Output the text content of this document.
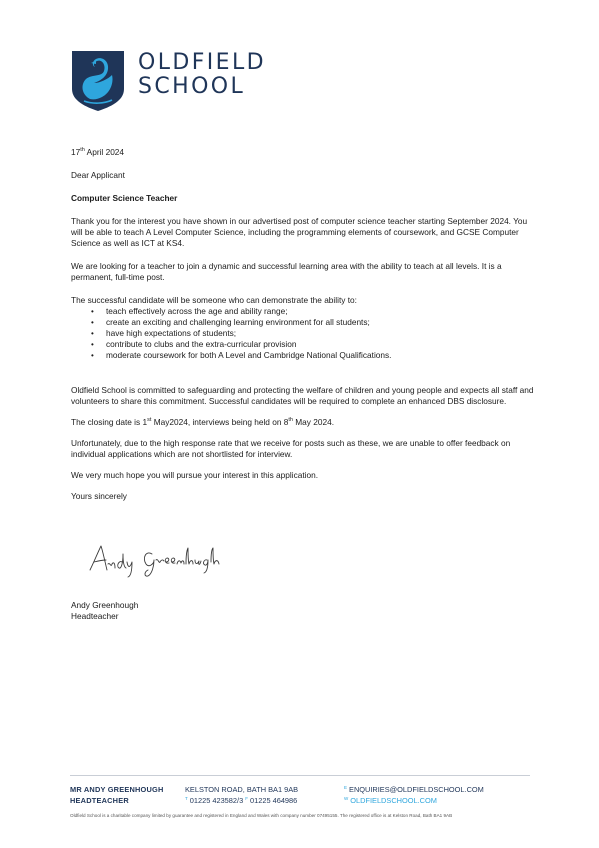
OLDFIELD
SCHOOL

17th April 2024

Dear Applicant

Computer Science Teacher

Thank you for the interest you have shown in our advertised post of computer science teacher starting September 2024. You will be able to teach A Level Computer Science, including the programming elements of coursework, and GCSE Computer Science as well as ICT at KS4.

We are looking for a teacher to join a dynamic and successful learning area with the ability to teach at all levels. It is a permanent, full-time post.

The successful candidate will be someone who can demonstrate the ability to:

• teach effectively across the age and ability range;
• create an exciting and challenging learning environment for all students;
• have high expectations of students;
• contribute to clubs and the extra-curricular provision
• moderate coursework for both A Level and Cambridge National Qualifications.

Oldfield School is committed to safeguarding and protecting the welfare of children and young people and expects all staff and volunteers to share this commitment. Successful candidates will be required to complete an enhanced DBS disclosure.

The closing date is 1st May2024, interviews being held on 8th May 2024.

Unfortunately, due to the high response rate that we receive for posts such as these, we are unable to offer feedback on individual applications which are not shortlisted for interview.

We very much hope you will pursue your interest in this application.

Yours sincerely

Andy Greenhough
Headteacher
MR ANDY GREENHOUGH
HEADTEACHER
KELSTON ROAD, BATH BA1 9AB
$^T$ 01225 423582/3 $^F$ 01225 464986
$^E$ ENQUIRIES@OLDFIELDSCHOOL.COM
$^W$ OLDFIELDSCHOOL.COM
Oldfield School is a charitable company limited by guarantee and registered in England and Wales with company number 07495155. The registered office is at Kelston Road, Bath BA1 9AB
